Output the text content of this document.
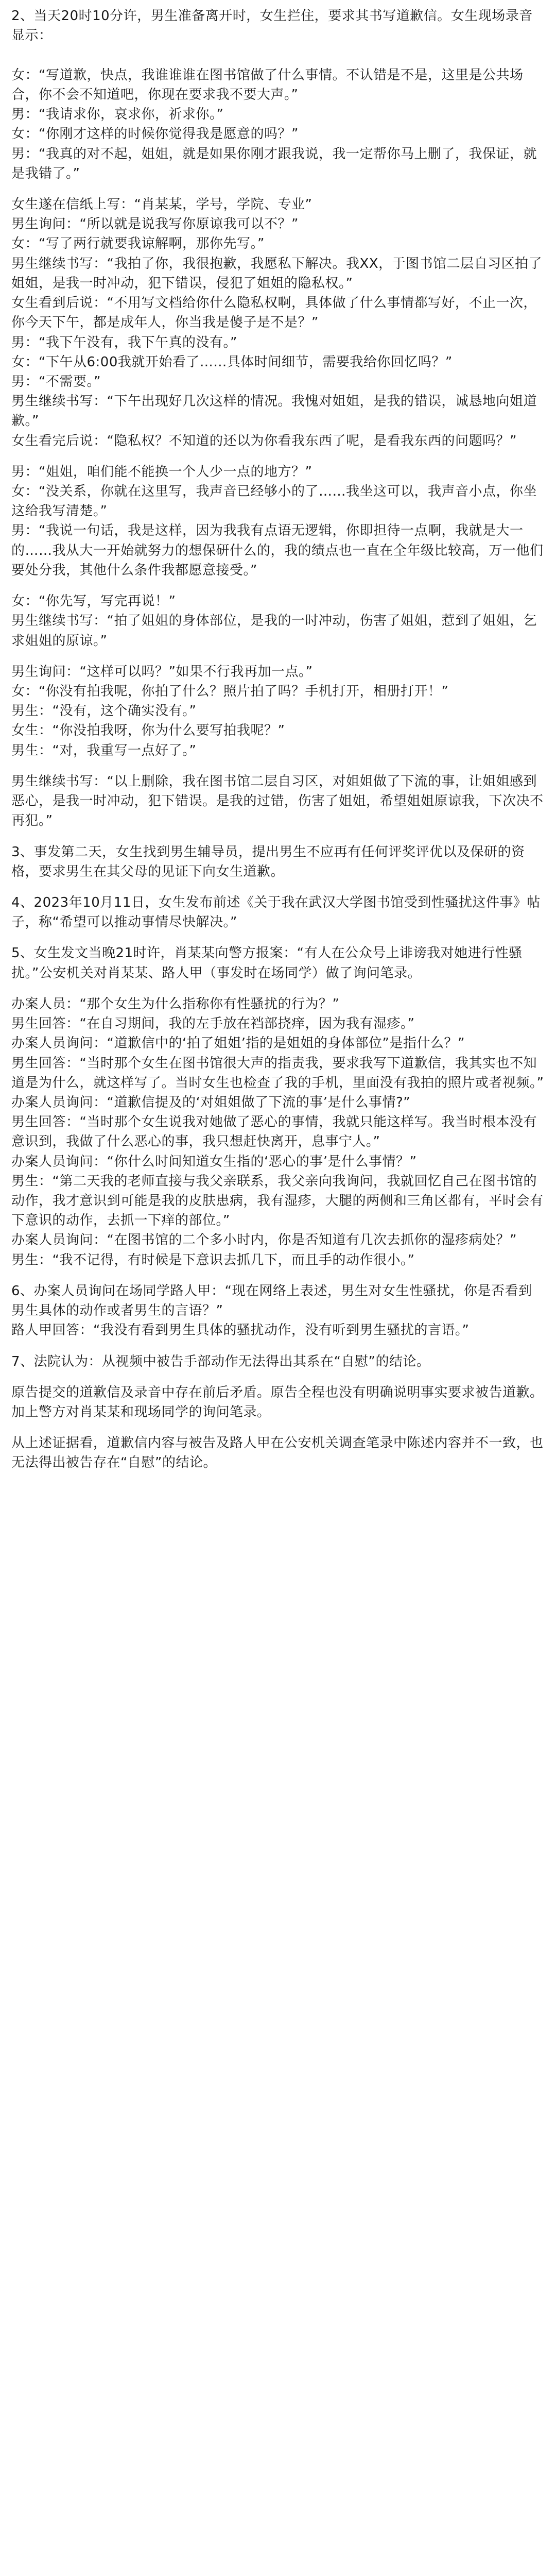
2、当天20时10分许，男生准备离开时，女生拦住，要求其书写道歉信。女生现场录音显示：

女：“写道歉，快点，我谁谁谁在图书馆做了什么事情。不认错是不是，这里是公共场合，你不会不知道吧，你现在要求我不要大声。”
男：“我请求你，哀求你，祈求你。”
女：“你刚才这样的时候你觉得我是愿意的吗？”
男：“我真的对不起，姐姐，就是如果你刚才跟我说，我一定帮你马上删了，我保证，就是我错了。”
女生遂在信纸上写：“肖某某，学号，学院、专业”
男生询问：“所以就是说我写你原谅我可以不？”
女：“写了两行就要我谅解啊，那你先写。”
男生继续书写：“我拍了你，我很抱歉，我愿私下解决。我XX，于图书馆二层自习区拍了姐姐，是我一时冲动，犯下错误，侵犯了姐姐的隐私权。”
女生看到后说：“不用写文档给你什么隐私权啊，具体做了什么事情都写好，不止一次，你今天下午，都是成年人，你当我是傻子是不是？”
男：“我下午没有，我下午真的没有。”
女：“下午从6:00我就开始看了……具体时间细节，需要我给你回忆吗？”
男：“不需要。”
男生继续书写：“下午出现好几次这样的情况。我愧对姐姐，是我的错误，诚恳地向姐道歉。”
女生看完后说：“隐私权？不知道的还以为你看我东西了呢，是看我东西的问题吗？”
男：“姐姐，咱们能不能换一个人少一点的地方？”
女：“没关系，你就在这里写，我声音已经够小的了……我坐这可以，我声音小点，你坐这给我写清楚。”
男：“我说一句话，我是这样，因为我我有点语无逻辑，你即担待一点啊，我就是大一的……我从大一开始就努力的想保研什么的，我的绩点也一直在全年级比较高，万一他们要处分我，其他什么条件我都愿意接受。”
女：“你先写，写完再说！”
男生继续书写：“拍了姐姐的身体部位，是我的一时冲动，伤害了姐姐，惹到了姐姐，乞求姐姐的原谅。”
男生询问：“这样可以吗？”如果不行我再加一点。”
女：“你没有拍我呢，你拍了什么？照片拍了吗？手机打开，相册打开！”
男生：“没有，这个确实没有。”
女生：“你没拍我呀，你为什么要写拍我呢？”
男生：“对，我重写一点好了。”
男生继续书写：“以上删除，我在图书馆二层自习区，对姐姐做了下流的事，让姐姐感到恶心，是我一时冲动，犯下错误。是我的过错，伤害了姐姐，希望姐姐原谅我，下次决不再犯。”
3、事发第二天，女生找到男生辅导员，提出男生不应再有任何评奖评优以及保研的资格，要求男生在其父母的见证下向女生道歉。
4、2023年10月11日，女生发布前述《关于我在武汉大学图书馆受到性骚扰这件事》帖子，称“希望可以推动事情尽快解决。”
5、女生发文当晚21时许，肖某某向警方报案：“有人在公众号上诽谤我对她进行性骚扰。”公安机关对肖某某、路人甲（事发时在场同学）做了询问笔录。
办案人员：“那个女生为什么指称你有性骚扰的行为？”
男生回答：“在自习期间，我的左手放在裆部挠痒，因为我有湿疹。”
办案人员询问：“道歉信中的‘拍了姐姐’指的是姐姐的身体部位”是指什么？”
男生回答：“当时那个女生在图书馆很大声的指责我，要求我写下道歉信，我其实也不知道是为什么，就这样写了。当时女生也检查了我的手机，里面没有我拍的照片或者视频。”
办案人员询问：“道歉信提及的‘对姐姐做了下流的事’是什么事情?”
男生回答：“当时那个女生说我对她做了恶心的事情，我就只能这样写。我当时根本没有意识到，我做了什么恶心的事，我只想赶快离开，息事宁人。”
办案人员询问：“你什么时间知道女生指的‘恶心的事’是什么事情？”
男生：“第二天我的老师直接与我父亲联系，我父亲向我询问，我就回忆自己在图书馆的动作，我才意识到可能是我的皮肤患病，我有湿疹，大腿的两侧和三角区都有，平时会有下意识的动作，去抓一下痒的部位。”
办案人员询问：“在图书馆的二个多小时内，你是否知道有几次去抓你的湿疹病处？”
男生：“我不记得，有时候是下意识去抓几下，而且手的动作很小。”
6、办案人员询问在场同学路人甲：“现在网络上表述，男生对女生性骚扰，你是否看到男生具体的动作或者男生的言语？”
路人甲回答：“我没有看到男生具体的骚扰动作，没有听到男生骚扰的言语。”
7、法院认为：从视频中被告手部动作无法得出其系在“自慰”的结论。
原告提交的道歉信及录音中存在前后矛盾。原告全程也没有明确说明事实要求被告道歉。加上警方对肖某某和现场同学的询问笔录。
从上述证据看，道歉信内容与被告及路人甲在公安机关调查笔录中陈述内容并不一致，也无法得出被告存在“自慰”的结论。
